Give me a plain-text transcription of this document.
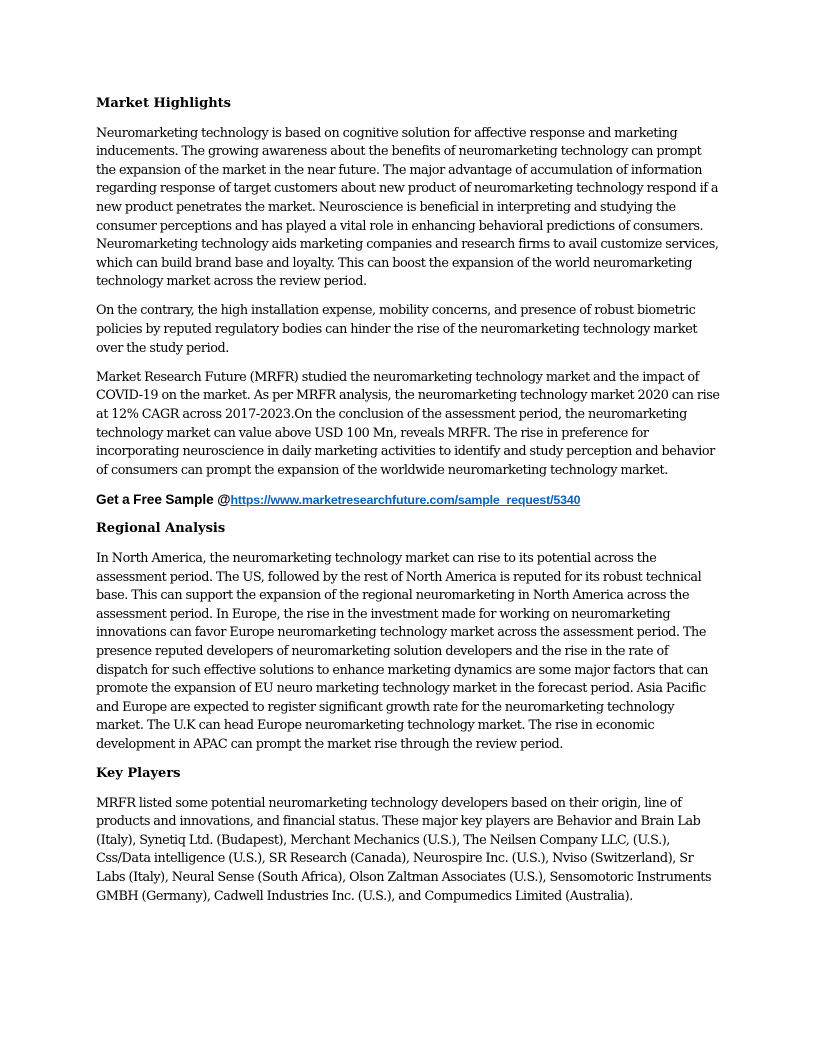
Market Highlights

Neuromarketing technology is based on cognitive solution for affective response and marketing inducements. The growing awareness about the benefits of neuromarketing technology can prompt the expansion of the market in the near future. The major advantage of accumulation of information regarding response of target customers about new product of neuromarketing technology respond if a new product penetrates the market. Neuroscience is beneficial in interpreting and studying the consumer perceptions and has played a vital role in enhancing behavioral predictions of consumers. Neuromarketing technology aids marketing companies and research firms to avail customize services, which can build brand base and loyalty. This can boost the expansion of the world neuromarketing technology market across the review period.

On the contrary, the high installation expense, mobility concerns, and presence of robust biometric policies by reputed regulatory bodies can hinder the rise of the neuromarketing technology market over the study period.

Market Research Future (MRFR) studied the neuromarketing technology market and the impact of COVID-19 on the market. As per MRFR analysis, the neuromarketing technology market 2020 can rise at 12% CAGR across 2017-2023.On the conclusion of the assessment period, the neuromarketing technology market can value above USD 100 Mn, reveals MRFR. The rise in preference for incorporating neuroscience in daily marketing activities to identify and study perception and behavior of consumers can prompt the expansion of the worldwide neuromarketing technology market.

Get a Free Sample @https://www.marketresearchfuture.com/sample_request/5340

Regional Analysis

In North America, the neuromarketing technology market can rise to its potential across the assessment period. The US, followed by the rest of North America is reputed for its robust technical base. This can support the expansion of the regional neuromarketing in North America across the assessment period. In Europe, the rise in the investment made for working on neuromarketing innovations can favor Europe neuromarketing technology market across the assessment period. The presence reputed developers of neuromarketing solution developers and the rise in the rate of dispatch for such effective solutions to enhance marketing dynamics are some major factors that can promote the expansion of EU neuro marketing technology market in the forecast period. Asia Pacific and Europe are expected to register significant growth rate for the neuromarketing technology market. The U.K can head Europe neuromarketing technology market. The rise in economic development in APAC can prompt the market rise through the review period.

Key Players

MRFR listed some potential neuromarketing technology developers based on their origin, line of products and innovations, and financial status. These major key players are Behavior and Brain Lab (Italy), Synetiq Ltd. (Budapest), Merchant Mechanics (U.S.), The Neilsen Company LLC, (U.S.), Css/Data intelligence (U.S.), SR Research (Canada), Neurospire Inc. (U.S.), Nviso (Switzerland), Sr Labs (Italy), Neural Sense (South Africa), Olson Zaltman Associates (U.S.), Sensomotoric Instruments GMBH (Germany), Cadwell Industries Inc. (U.S.), and Compumedics Limited (Australia).
